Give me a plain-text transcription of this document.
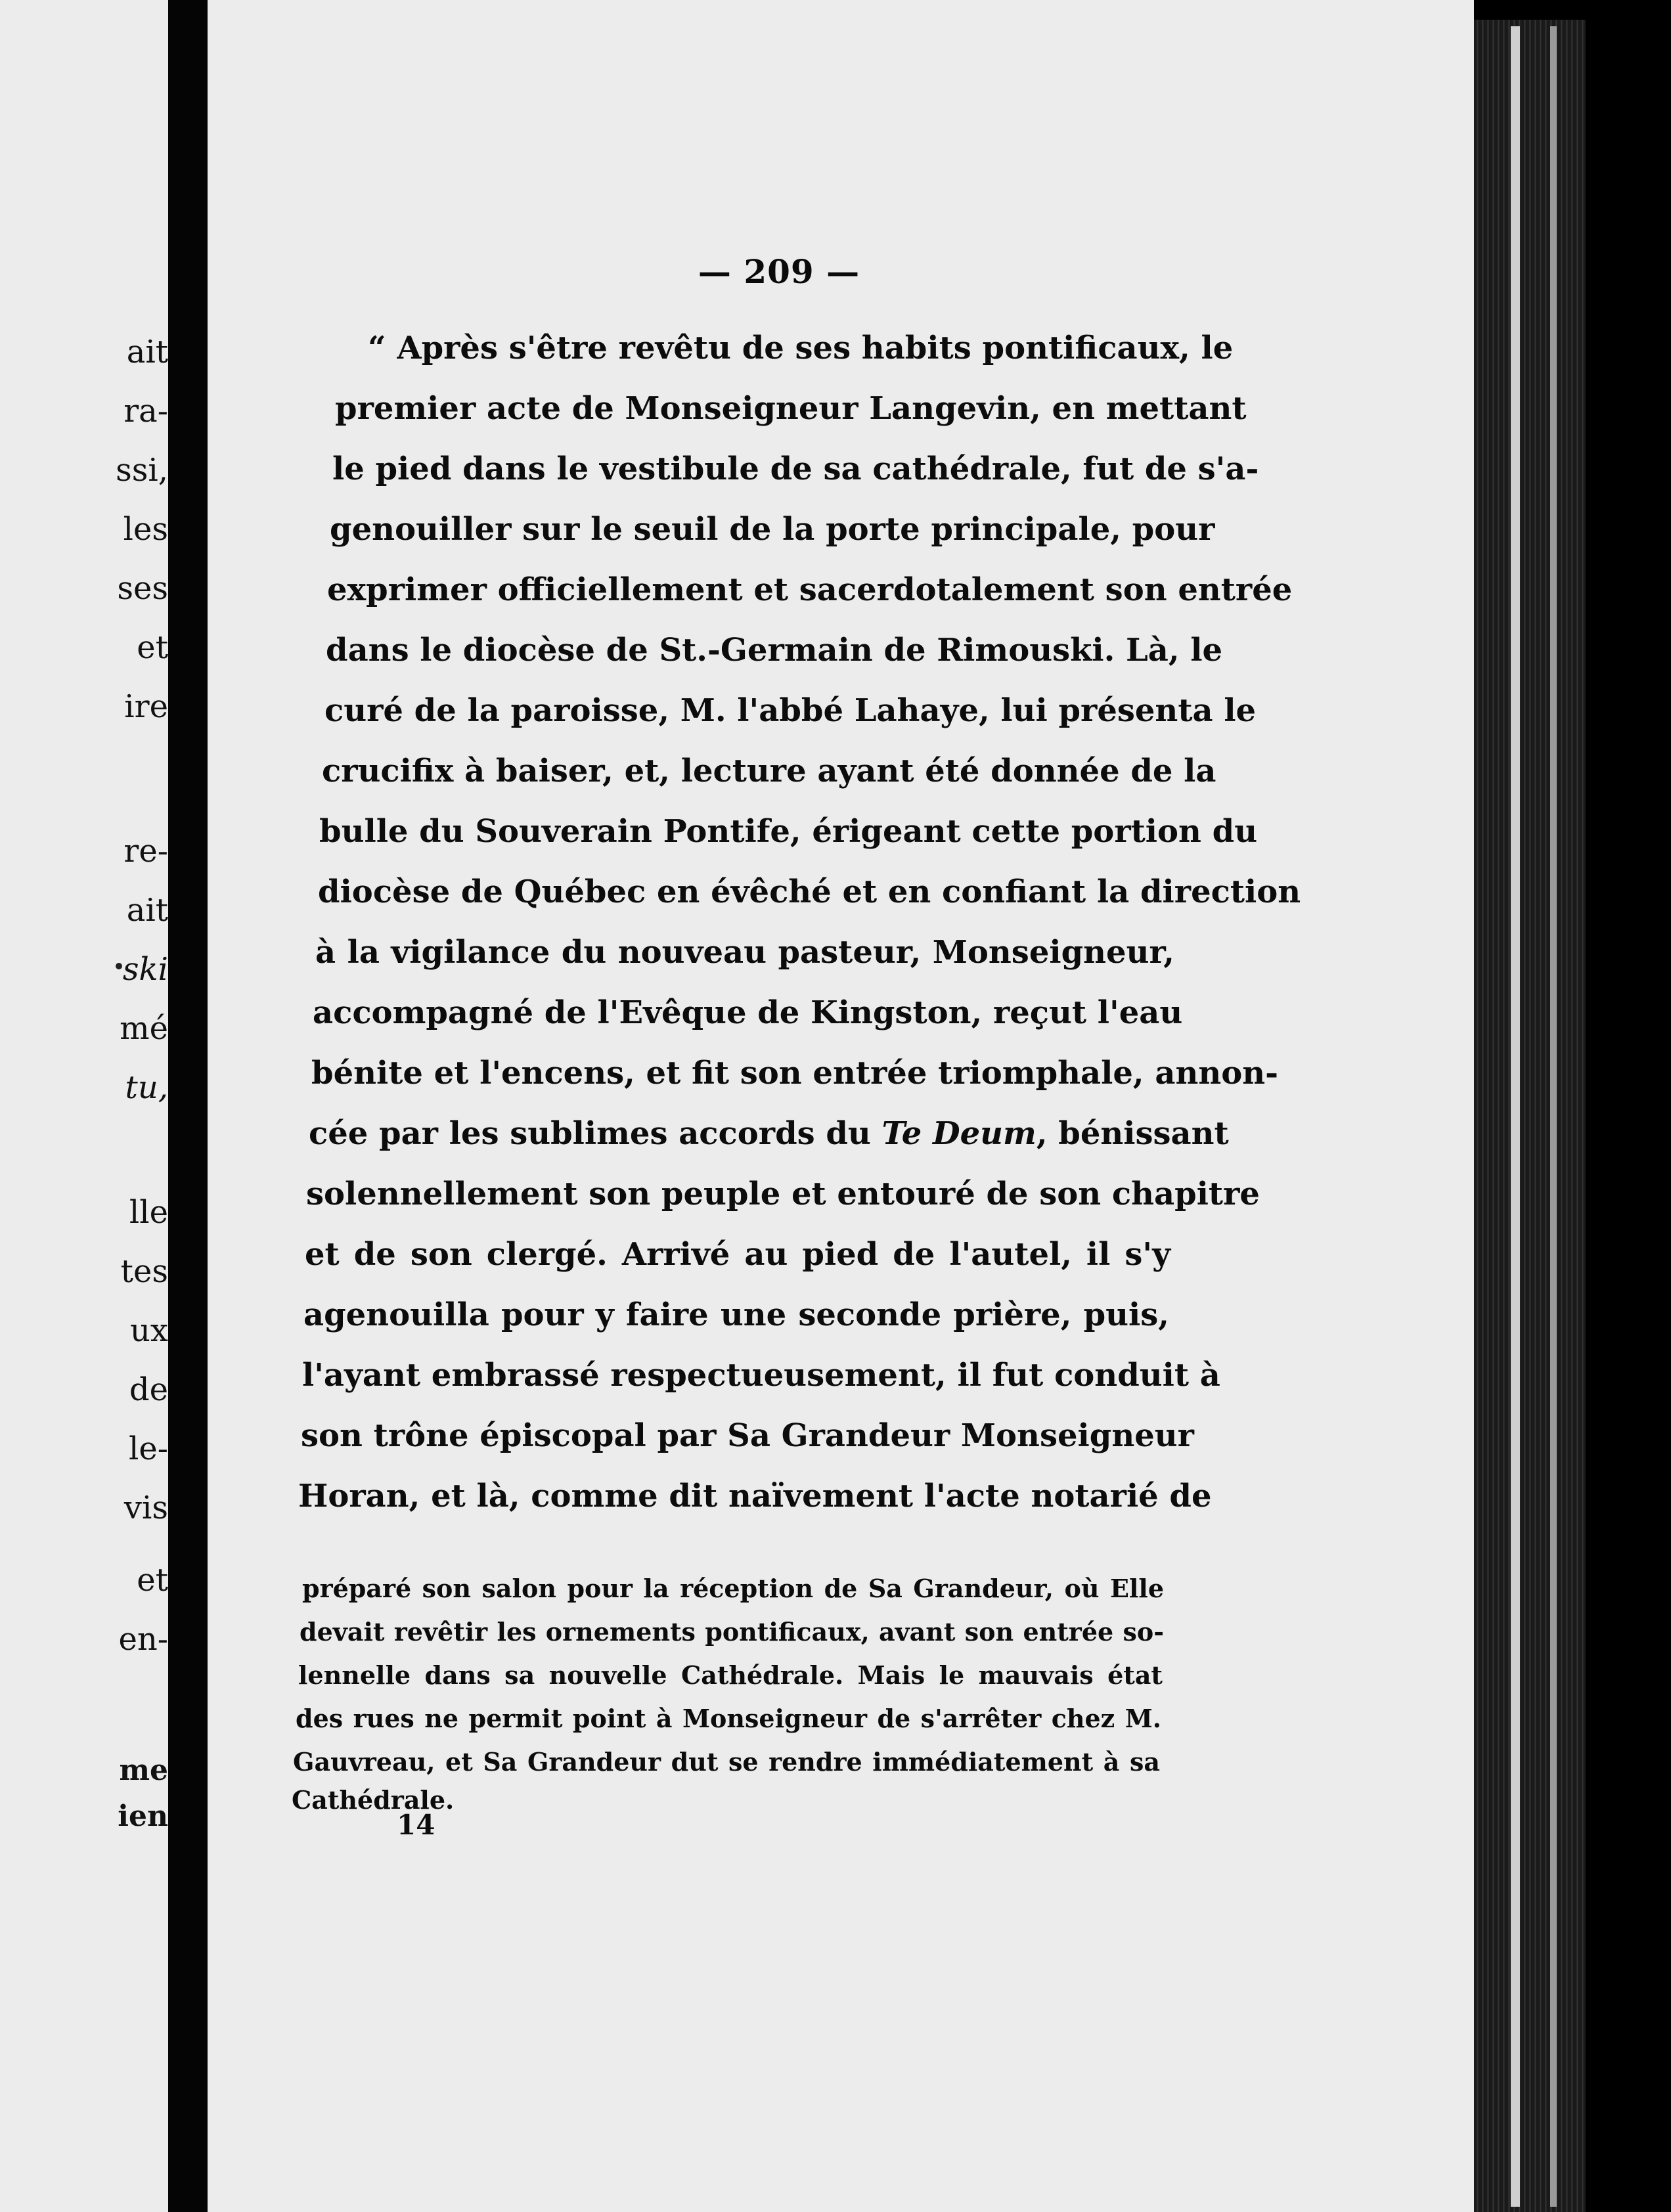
ait
ra-
ssi,
les
ses
et
ire
re-
ait
ski
mé
tu,
lle
tes
ux
de
le-
vis
et
en-
me
ien
— 209 —
“ Après s'être revêtu de ses habits pontificaux, le
premier acte de Monseigneur Langevin, en mettant
le pied dans le vestibule de sa cathédrale, fut de s'a-
genouiller sur le seuil de la porte principale, pour
exprimer officiellement et sacerdotalement son entrée
dans le diocèse de St.-Germain de Rimouski. Là, le
curé de la paroisse, M. l'abbé Lahaye, lui présenta le
crucifix à baiser, et, lecture ayant été donnée de la
bulle du Souverain Pontife, érigeant cette portion du
diocèse de Québec en évêché et en confiant la direction
à la vigilance du nouveau pasteur, Monseigneur,
accompagné de l'Evêque de Kingston, reçut l'eau
bénite et l'encens, et fit son entrée triomphale, annon-
cée par les sublimes accords du Te Deum, bénissant
solennellement son peuple et entouré de son chapitre
et de son clergé. Arrivé au pied de l'autel, il s'y
agenouilla pour y faire une seconde prière, puis,
l'ayant embrassé respectueusement, il fut conduit à
son trône épiscopal par Sa Grandeur Monseigneur
Horan, et là, comme dit naïvement l'acte notarié de
préparé son salon pour la réception de Sa Grandeur, où Elle
devait revêtir les ornements pontificaux, avant son entrée so-
lennelle dans sa nouvelle Cathédrale. Mais le mauvais état
des rues ne permit point à Monseigneur de s'arrêter chez M.
Gauvreau, et Sa Grandeur dut se rendre immédiatement à sa
Cathédrale.
14
